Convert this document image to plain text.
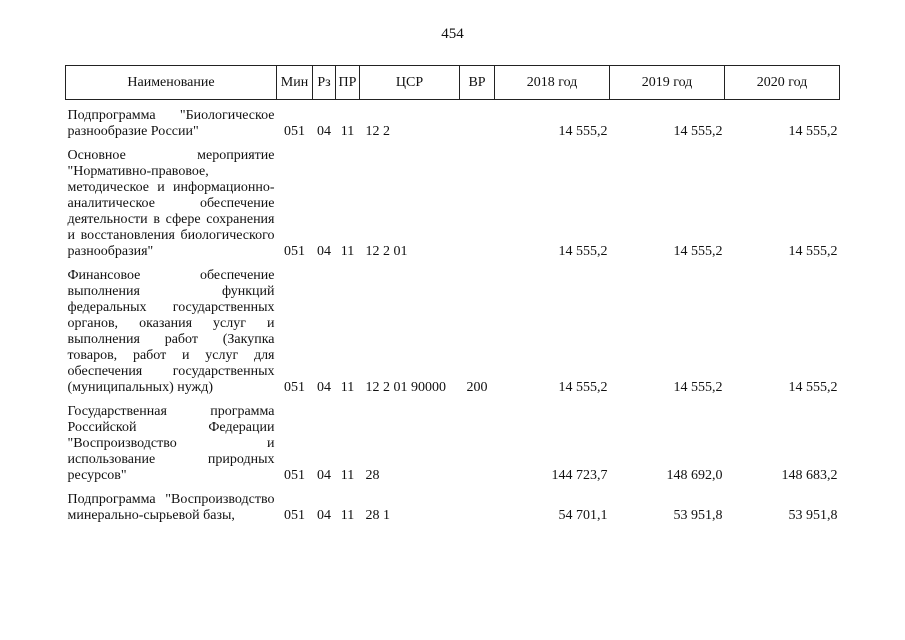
454
Наименование	Мин	Рз	ПР	ЦСР	ВР	2018 год	2019 год	2020 год
Подпрограмма "Биологическое разнообразие России"	051	04	11	12 2		14 555,2	14 555,2	14 555,2

Основное мероприятие "Нормативно-правовое, методическое и информационно-аналитическое обеспечение деятельности в сфере сохранения и восстановления биологического разнообразия"	051	04	11	12 2 01		14 555,2	14 555,2	14 555,2

Финансовое обеспечение выполнения функций федеральных государственных органов, оказания услуг и выполнения работ (Закупка товаров, работ и услуг для обеспечения государственных (муниципальных) нужд)	051	04	11	12 2 01 90000	200	14 555,2	14 555,2	14 555,2

Государственная программа Российской Федерации "Воспроизводство и использование природных ресурсов"	051	04	11	28		144 723,7	148 692,0	148 683,2

Подпрограмма "Воспроизводство минерально-сырьевой базы,	051	04	11	28 1		54 701,1	53 951,8	53 951,8
